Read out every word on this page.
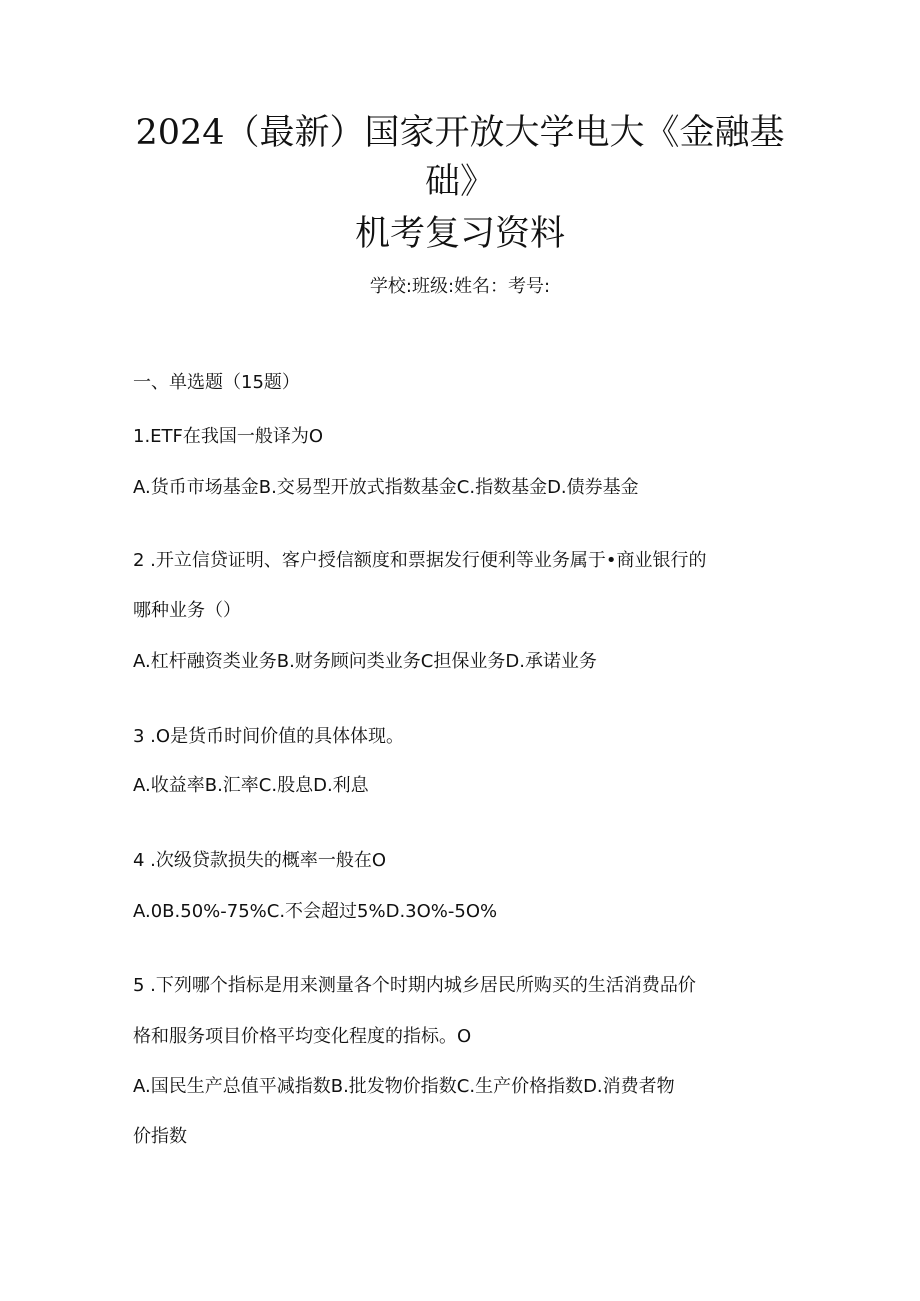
2024（最新）国家开放大学电大《金融基
础》
机考复习资料
学校:班级:姓名：考号:
一、单选题（15题）
1.ETF在我国一般译为O
A.货币市场基金B.交易型开放式指数基金C.指数基金D.债券基金
2 .开立信贷证明、客户授信额度和票据发行便利等业务属于•商业银行的
哪种业务（）
A.杠杆融资类业务B.财务顾问类业务C担保业务D.承诺业务
3 .O是货币时间价值的具体体现。
A.收益率B.汇率C.股息D.利息
4 .次级贷款损失的概率一般在O
A.0B.50%-75%C.不会超过5%D.3O%-5O%
5 .下列哪个指标是用来测量各个时期内城乡居民所购买的生活消费品价
格和服务项目价格平均变化程度的指标。O
A.国民生产总值平减指数B.批发物价指数C.生产价格指数D.消费者物
价指数
